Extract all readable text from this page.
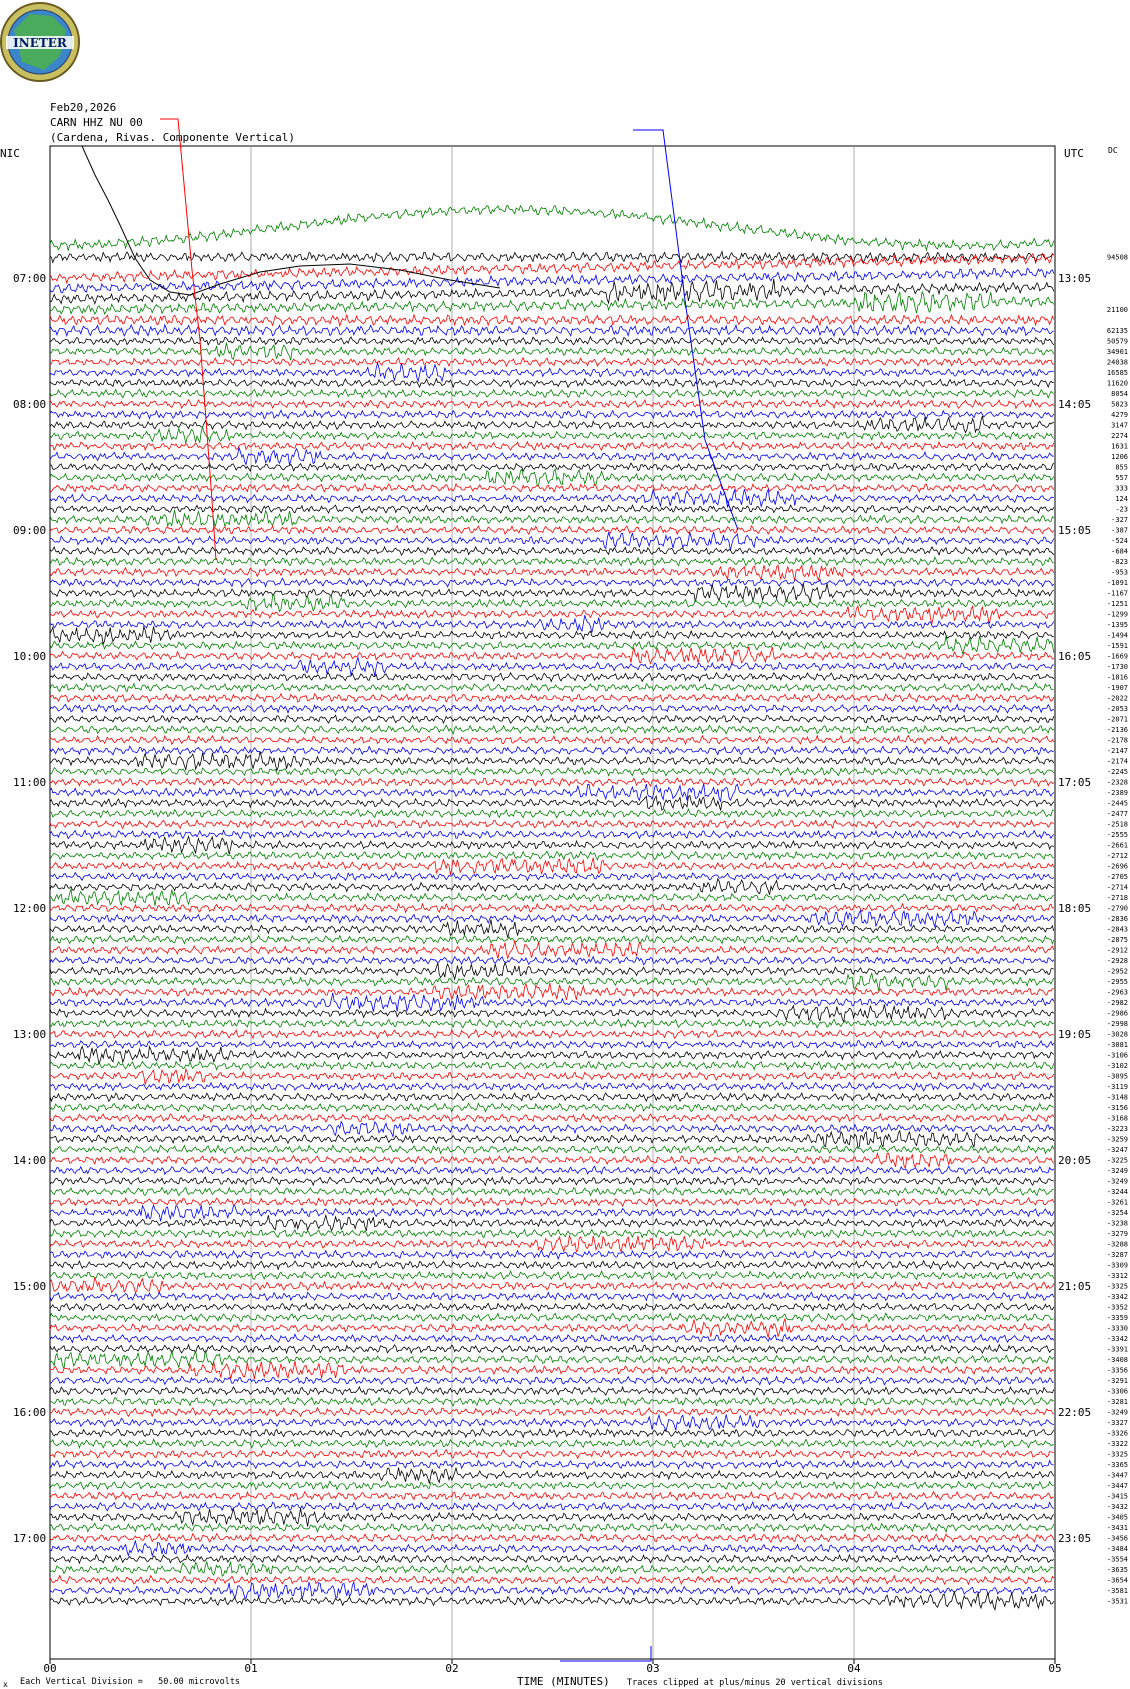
INETER
Feb20,2026
CARN HHZ NU 00
(Cardena, Rivas. Componente Vertical)
NIC	UTC	DC
07:00
08:00
09:00
10:00
11:00
12:00
13:00
14:00
15:00
16:00
17:00
13:05
14:05
15:05
16:05
17:05
18:05
19:05
20:05
21:05
22:05
23:05
94508
21100
62135
50579
34901
24038
16585
11620
8054
5823
4279
3147
2274
1631
1206
855
557
333
124
-23
-327
-387
-524
-684
-823
-953
-1091
-1167
-1251
-1299
-1395
-1494
-1591
-1669
-1730
-1816
-1907
-2022
-2053
-2071
-2136
-2178
-2147
-2174
-2245
-2328
-2389
-2445
-2477
-2518
-2555
-2661
-2712
-2696
-2705
-2714
-2718
-2790
-2836
-2843
-2875
-2912
-2928
-2952
-2955
-2963
-2982
-2986
-2998
-3028
-3081
-3106
-3102
-3095
-3119
-3148
-3156
-3168
-3223
-3259
-3247
-3225
-3249
-3249
-3244
-3261
-3254
-3238
-3279
-3288
-3287
-3309
-3312
-3325
-3342
-3352
-3359
-3330
-3342
-3391
-3408
-3356
-3291
-3306
-3281
-3249
-3327
-3326
-3322
-3325
-3365
-3447
-3447
-3415
-3432
-3405
-3431
-3456
-3484
-3554
-3635
-3654
-3581
-3531
00	01	02	03	04	05
x Each Vertical Division =   50.00 microvolts	TIME (MINUTES) Traces clipped at plus/minus 20 vertical divisions
